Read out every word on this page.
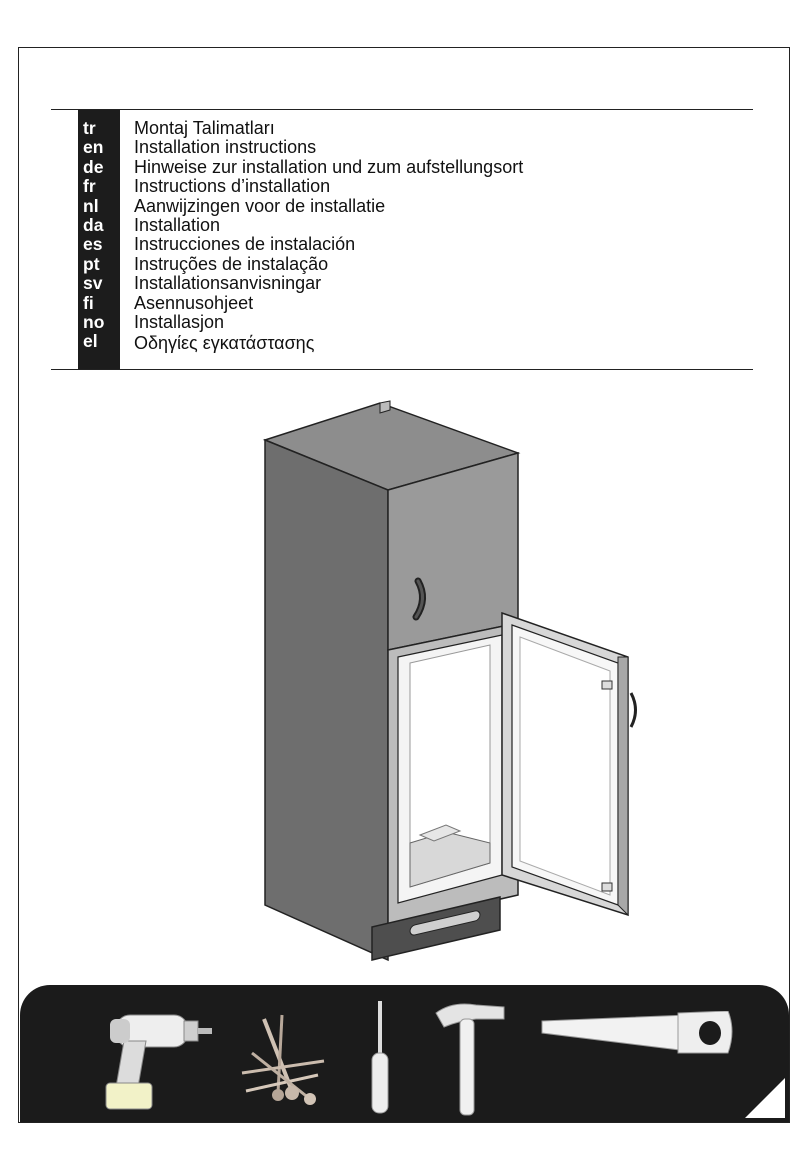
tr
en
de
fr
nl
da
es
pt
sv
fi
no
el
Montaj Talimatları
Installation instructions
Hinweise zur installation und zum aufstellungsort
Instructions d’installation
Aanwijzingen voor de installatie
Installation
Instrucciones de instalación
Instruções de instalação
Installationsanvisningar
Asennusohjeet
Installasjon
Οδηγίες εγκατάστασης
